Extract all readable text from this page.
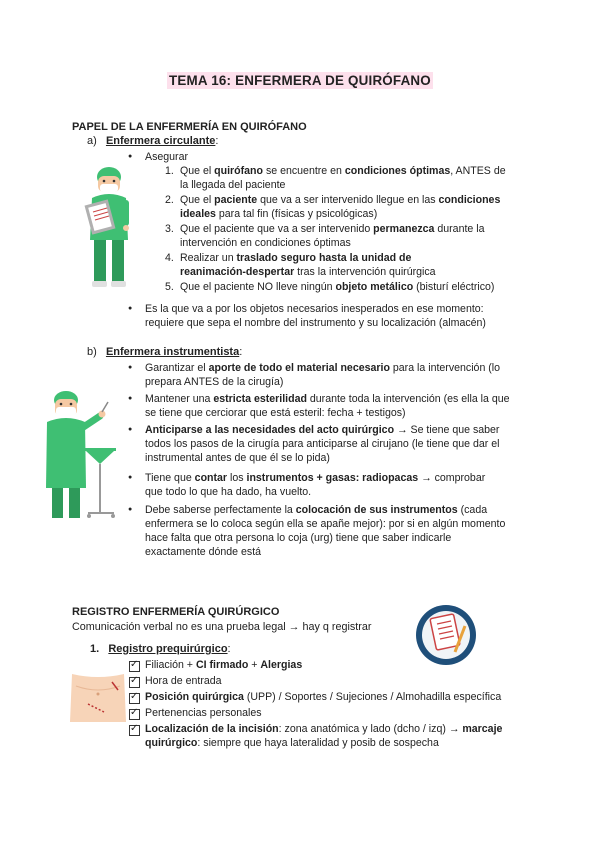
TEMA 16: ENFERMERA DE QUIRÓFANO
PAPEL DE LA ENFERMERÍA EN QUIRÓFANO
a) Enfermera circulante:
● Asegurar
1. Que el quirófano se encuentre en condiciones óptimas, ANTES de
la llegada del paciente
2. Que el paciente que va a ser intervenido llegue en las condiciones
ideales para tal fin (físicas y psicológicas)
3. Que el paciente que va a ser intervenido permanezca durante la
intervención en condiciones óptimas
4. Realizar un traslado seguro hasta la unidad de
reanimación-despertar tras la intervención quirúrgica
5. Que el paciente NO lleve ningún objeto metálico (bisturí eléctrico)
● Es la que va a por los objetos necesarios inesperados en ese momento:
requiere que sepa el nombre del instrumento y su localización (almacén)
b) Enfermera instrumentista:
● Garantizar el aporte de todo el material necesario para la intervención (lo
prepara ANTES de la cirugía)
● Mantener una estricta esterilidad durante toda la intervención (es ella la que
se tiene que cerciorar que está esteril: fecha + testigos)
● Anticiparse a las necesidades del acto quirúrgico → Se tiene que saber
todos los pasos de la cirugía para anticiparse al cirujano (le tiene que dar el
instrumental antes de que él se lo pida)
● Tiene que contar los instrumentos + gasas: radiopacas → comprobar
que todo lo que ha dado, ha vuelto.
● Debe saberse perfectamente la colocación de sus instrumentos (cada
enfermera se lo coloca según ella se apañe mejor): por si en algún momento
hace falta que otra persona lo coja (urg) tiene que saber indicarle
exactamente dónde está
REGISTRO ENFERMERÍA QUIRÚRGICO
Comunicación verbal no es una prueba legal → hay q registrar
1. Registro prequirúrgico:
✓
Filiación + CI firmado + Alergias
✓
Hora de entrada
✓
Posición quirúrgica (UPP) / Soportes / Sujeciones / Almohadilla específica
✓
Pertenencias personales
✓
Localización de la incisión: zona anatómica y lado (dcho / izq) → marcaje
quirúrgico: siempre que haya lateralidad y posib de sospecha
